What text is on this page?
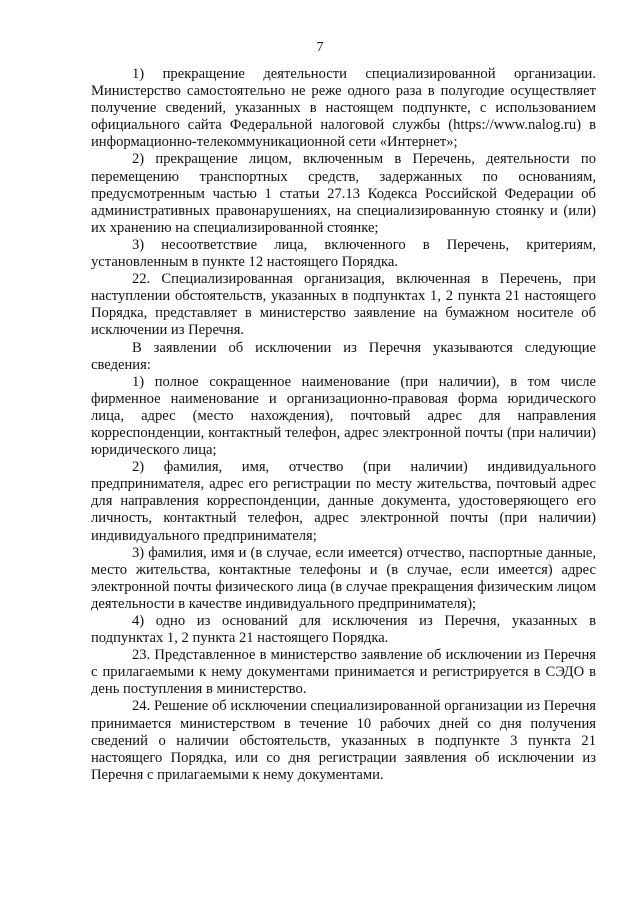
7

1) прекращение деятельности специализированной организации. Министерство самостоятельно не реже одного раза в полугодие осуществляет получение сведений, указанных в настоящем подпункте, с использованием официального сайта Федеральной налоговой службы (https://www.nalog.ru) в информационно-телекоммуникационной сети «Интернет»;

2) прекращение лицом, включенным в Перечень, деятельности по перемещению транспортных средств, задержанных по основаниям, предусмотренным частью 1 статьи 27.13 Кодекса Российской Федерации об административных правонарушениях, на специализированную стоянку и (или) их хранению на специализированной стоянке;

3) несоответствие лица, включенного в Перечень, критериям, установленным в пункте 12 настоящего Порядка.

22. Специализированная организация, включенная в Перечень, при наступлении обстоятельств, указанных в подпунктах 1, 2 пункта 21 настоящего Порядка, представляет в министерство заявление на бумажном носителе об исключении из Перечня.

В заявлении об исключении из Перечня указываются следующие сведения:

1) полное сокращенное наименование (при наличии), в том числе фирменное наименование и организационно-правовая форма юридического лица, адрес (место нахождения), почтовый адрес для направления корреспонденции, контактный телефон, адрес электронной почты (при наличии) юридического лица;

2) фамилия, имя, отчество (при наличии) индивидуального предпринимателя, адрес его регистрации по месту жительства, почтовый адрес для направления корреспонденции, данные документа, удостоверяющего его личность, контактный телефон, адрес электронной почты (при наличии) индивидуального предпринимателя;

3) фамилия, имя и (в случае, если имеется) отчество, паспортные данные, место жительства, контактные телефоны и (в случае, если имеется) адрес электронной почты физического лица (в случае прекращения физическим лицом деятельности в качестве индивидуального предпринимателя);

4) одно из оснований для исключения из Перечня, указанных в подпунктах 1, 2 пункта 21 настоящего Порядка.

23. Представленное в министерство заявление об исключении из Перечня с прилагаемыми к нему документами принимается и регистрируется в СЭДО в день поступления в министерство.

24. Решение об исключении специализированной организации из Перечня принимается министерством в течение 10 рабочих дней со дня получения сведений о наличии обстоятельств, указанных в подпункте 3 пункта 21 настоящего Порядка, или со дня регистрации заявления об исключении из Перечня с прилагаемыми к нему документами.
